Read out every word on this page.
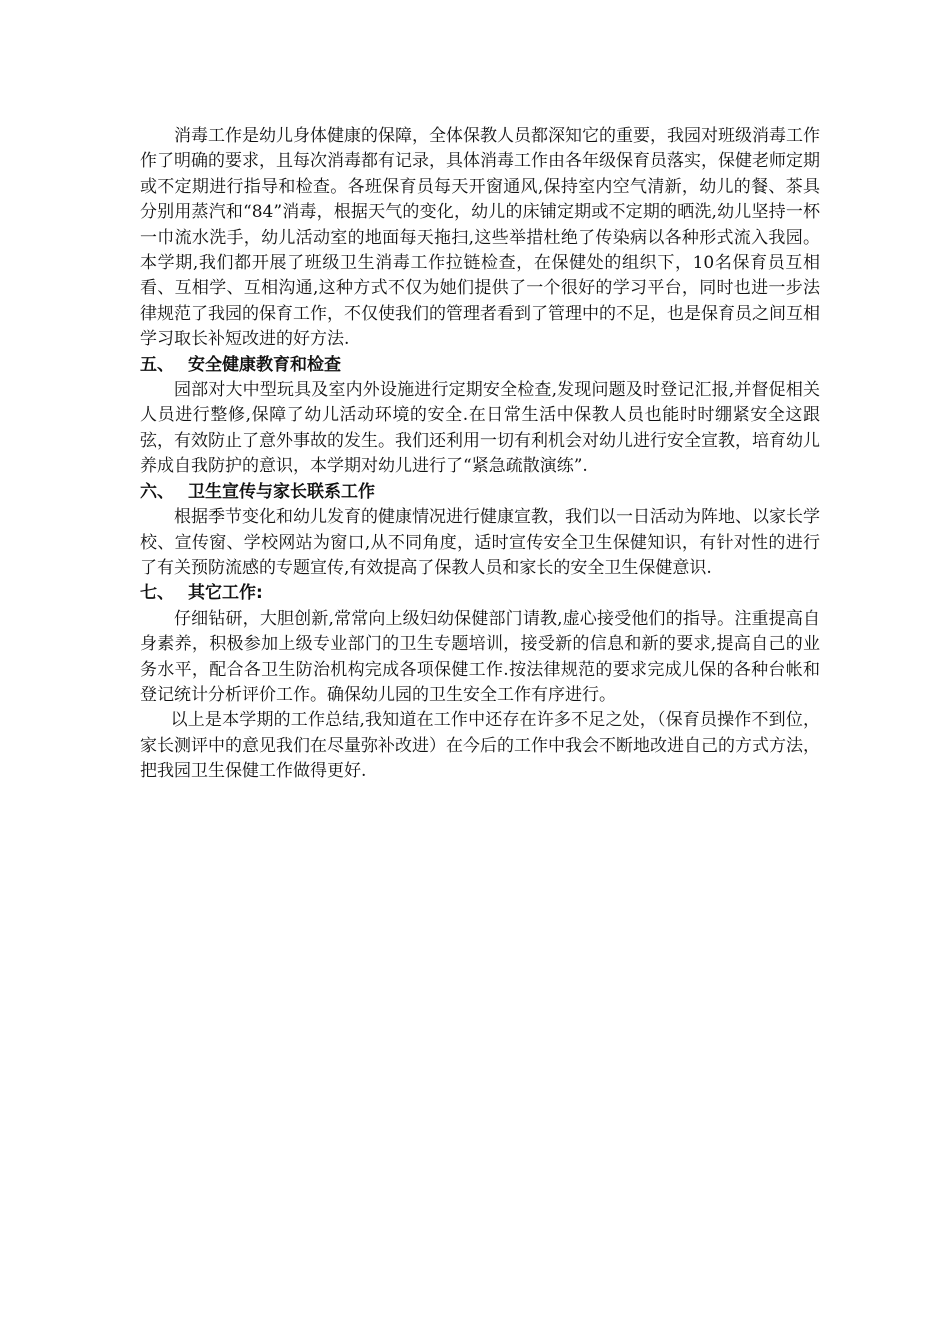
消毒工作是幼儿身体健康的保障，全体保教人员都深知它的重要，我园对班级消毒工作作了明确的要求，且每次消毒都有记录，具体消毒工作由各年级保育员落实，保健老师定期或不定期进行指导和检查。各班保育员每天开窗通风,保持室内空气清新，幼儿的餐、茶具分别用蒸汽和“84”消毒，根据天气的变化，幼儿的床铺定期或不定期的晒洗,幼儿坚持一杯一巾流水洗手，幼儿活动室的地面每天拖扫,这些举措杜绝了传染病以各种形式流入我园。本学期,我们都开展了班级卫生消毒工作拉链检查，在保健处的组织下，10名保育员互相看、互相学、互相沟通,这种方式不仅为她们提供了一个很好的学习平台，同时也进一步法律规范了我园的保育工作，不仅使我们的管理者看到了管理中的不足，也是保育员之间互相学习取长补短改进的好方法.

五、 安全健康教育和检查

园部对大中型玩具及室内外设施进行定期安全检查,发现问题及时登记汇报,并督促相关人员进行整修,保障了幼儿活动环境的安全.在日常生活中保教人员也能时时绷紧安全这跟弦，有效防止了意外事故的发生。我们还利用一切有利机会对幼儿进行安全宣教，培育幼儿养成自我防护的意识，本学期对幼儿进行了“紧急疏散演练”.

六、 卫生宣传与家长联系工作

根据季节变化和幼儿发育的健康情况进行健康宣教，我们以一日活动为阵地、以家长学校、宣传窗、学校网站为窗口,从不同角度，适时宣传安全卫生保健知识，有针对性的进行了有关预防流感的专题宣传,有效提高了保教人员和家长的安全卫生保健意识.

七、 其它工作:

仔细钻研，大胆创新,常常向上级妇幼保健部门请教,虚心接受他们的指导。注重提高自身素养，积极参加上级专业部门的卫生专题培训，接受新的信息和新的要求,提高自己的业务水平，配合各卫生防治机构完成各项保健工作.按法律规范的要求完成儿保的各种台帐和登记统计分析评价工作。确保幼儿园的卫生安全工作有序进行。

以上是本学期的工作总结,我知道在工作中还存在许多不足之处，（保育员操作不到位，家长测评中的意见我们在尽量弥补改进）在今后的工作中我会不断地改进自己的方式方法，把我园卫生保健工作做得更好.
